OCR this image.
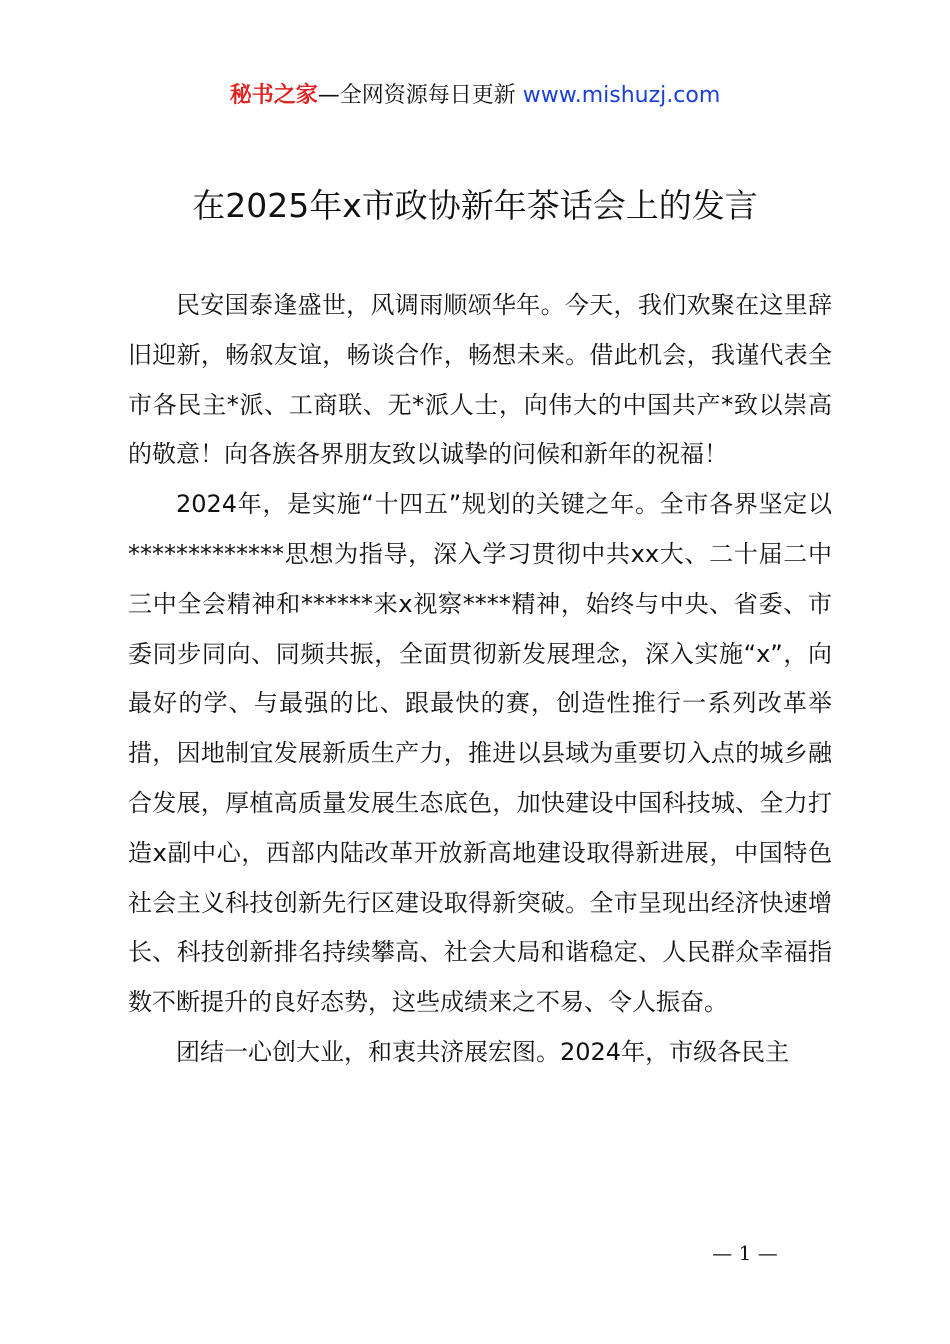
秘书之家—全网资源每日更新 www.mishuzj.com
在2025年x市政协新年茶话会上的发言

民安国泰逢盛世，风调雨顺颂华年。今天，我们欢聚在这里辞旧迎新，畅叙友谊，畅谈合作，畅想未来。借此机会，我谨代表全市各民主*派、工商联、无*派人士，向伟大的中国共产*致以崇高的敬意！向各族各界朋友致以诚挚的问候和新年的祝福！

2024年，是实施“十四五”规划的关键之年。全市各界坚定以*************思想为指导，深入学习贯彻中共xx大、二十届二中三中全会精神和******来x视察****精神，始终与中央、省委、市委同步同向、同频共振，全面贯彻新发展理念，深入实施“x”，向最好的学、与最强的比、跟最快的赛，创造性推行一系列改革举措，因地制宜发展新质生产力，推进以县域为重要切入点的城乡融合发展，厚植高质量发展生态底色，加快建设中国科技城、全力打造x副中心，西部内陆改革开放新高地建设取得新进展，中国特色社会主义科技创新先行区建设取得新突破。全市呈现出经济快速增长、科技创新排名持续攀高、社会大局和谐稳定、人民群众幸福指数不断提升的良好态势，这些成绩来之不易、令人振奋。

团结一心创大业，和衷共济展宏图。2024年，市级各民主

— 1 —
